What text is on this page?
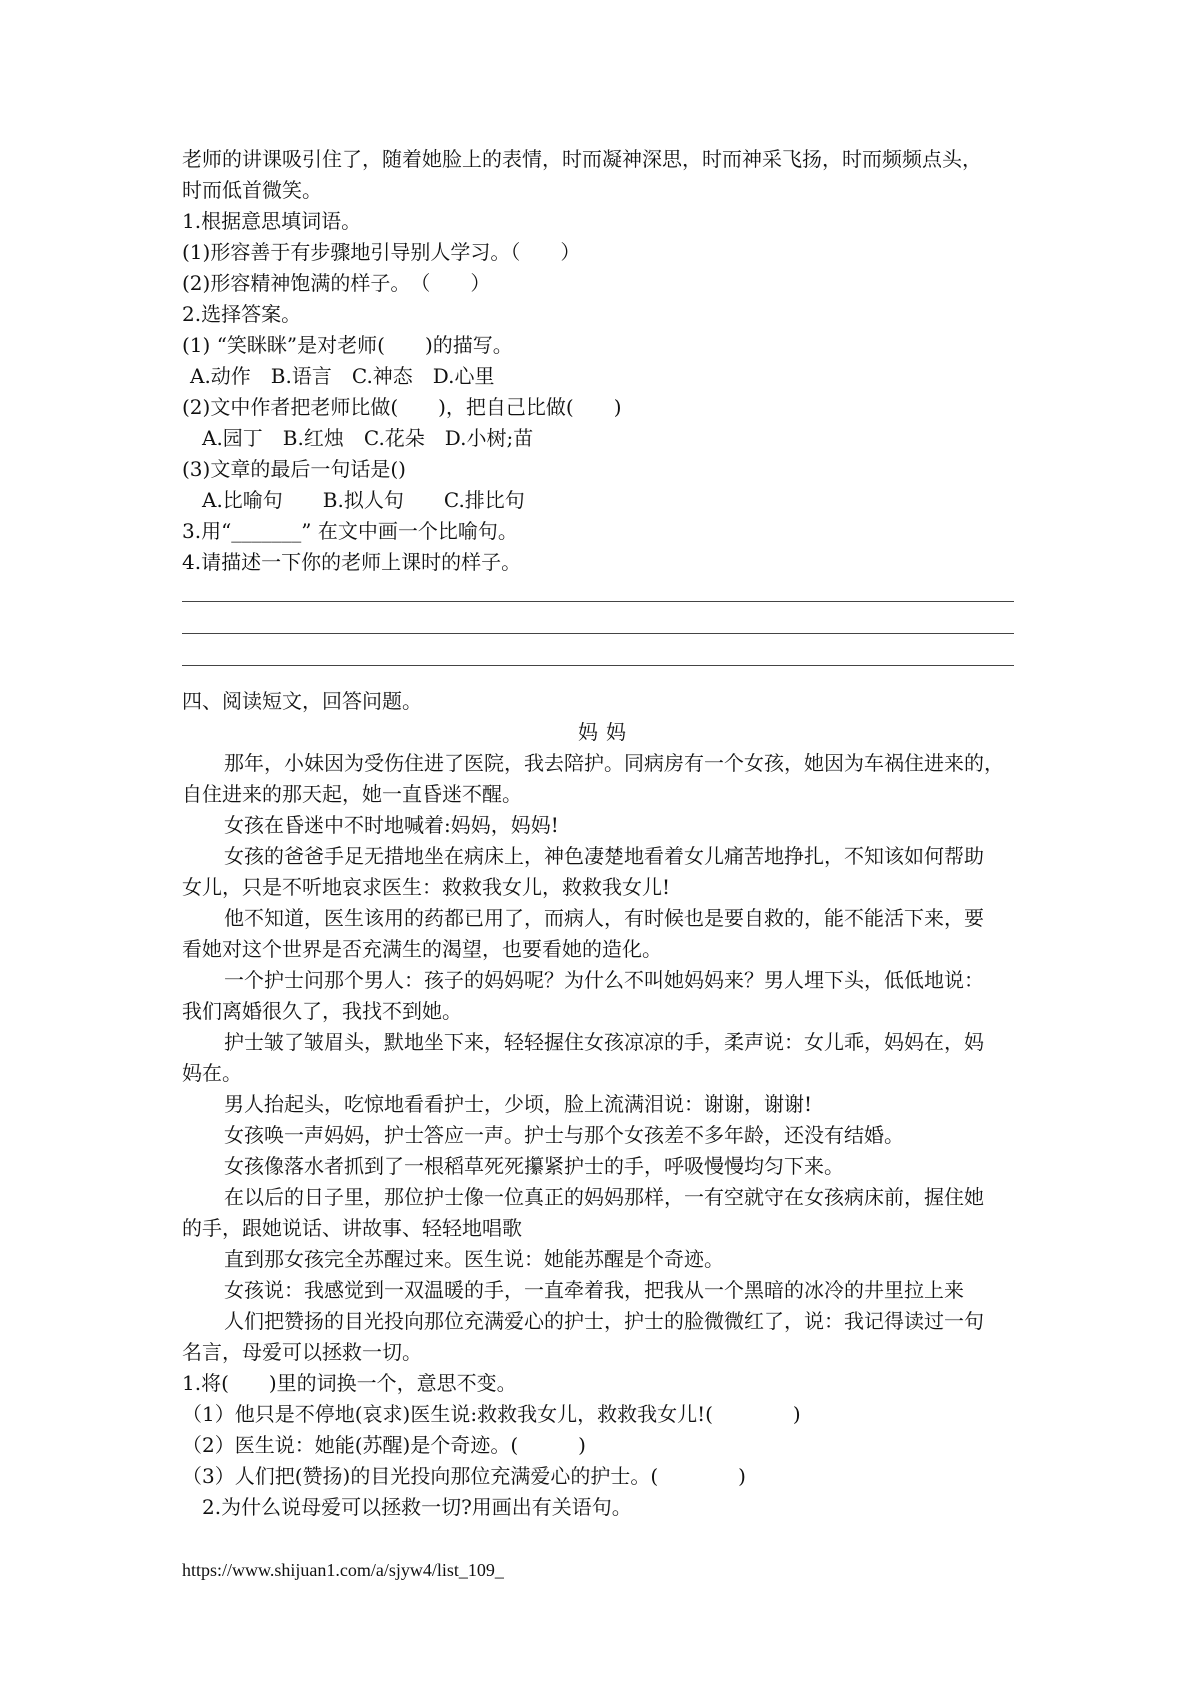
老师的讲课吸引住了，随着她脸上的表情，时而凝神深思，时而神采飞扬，时而频频点头，

时而低首微笑。

1.根据意思填词语。

(1)形容善于有步骤地引导别人学习。（　　）

(2)形容精神饱满的样子。　（　　）

2.选择答案。

(1) “笑眯眯”是对老师(　　)的描写。

A.动作　B.语言　C.神态　D.心里

(2)文中作者把老师比做(　　)，把自己比做(　　)

A.园丁　B.红烛　C.花朵　D.小树;苗

(3)文章的最后一句话是()

A.比喻句　　B.拟人句　　C.排比句

3.用“_______” 在文中画一个比喻句。

4.请描述一下你的老师上课时的样子。

四、阅读短文，回答问题。

妈妈

那年，小妹因为受伤住进了医院，我去陪护。同病房有一个女孩，她因为车祸住进来的，

自住进来的那天起，她一直昏迷不醒。

女孩在昏迷中不时地喊着:妈妈，妈妈!

女孩的爸爸手足无措地坐在病床上，神色凄楚地看着女儿痛苦地挣扎，不知该如何帮助

女儿，只是不听地哀求医生：救救我女儿，救救我女儿!

他不知道，医生该用的药都已用了，而病人，有时候也是要自救的，能不能活下来，要

看她对这个世界是否充满生的渴望，也要看她的造化。

一个护士问那个男人：孩子的妈妈呢？为什么不叫她妈妈来？男人埋下头，低低地说：

我们离婚很久了，我找不到她。

护士皱了皱眉头，默地坐下来，轻轻握住女孩凉凉的手，柔声说：女儿乖，妈妈在，妈

妈在。

男人抬起头，吃惊地看看护士，少顷，脸上流满泪说：谢谢，谢谢!

女孩唤一声妈妈，护士答应一声。护士与那个女孩差不多年龄，还没有结婚。

女孩像落水者抓到了一根稻草死死攥紧护士的手，呼吸慢慢均匀下来。

在以后的日子里，那位护士像一位真正的妈妈那样，一有空就守在女孩病床前，握住她

的手，跟她说话、讲故事、轻轻地唱歌

直到那女孩完全苏醒过来。医生说：她能苏醒是个奇迹。

女孩说：我感觉到一双温暖的手，一直牵着我，把我从一个黑暗的冰冷的井里拉上来

人们把赞扬的目光投向那位充满爱心的护士，护士的脸微微红了，说：我记得读过一句

名言，母爱可以拯救一切。

1.将(　　)里的词换一个，意思不变。

（1）他只是不停地(哀求)医生说:救救我女儿，救救我女儿!(　　　　)

（2）医生说：她能(苏醒)是个奇迹。(　　　)

（3）人们把(赞扬)的目光投向那位充满爱心的护士。(　　　　)

2.为什么说母爱可以拯救一切?用画出有关语句。

https://www.shijuan1.com/a/sjyw4/list_109_
